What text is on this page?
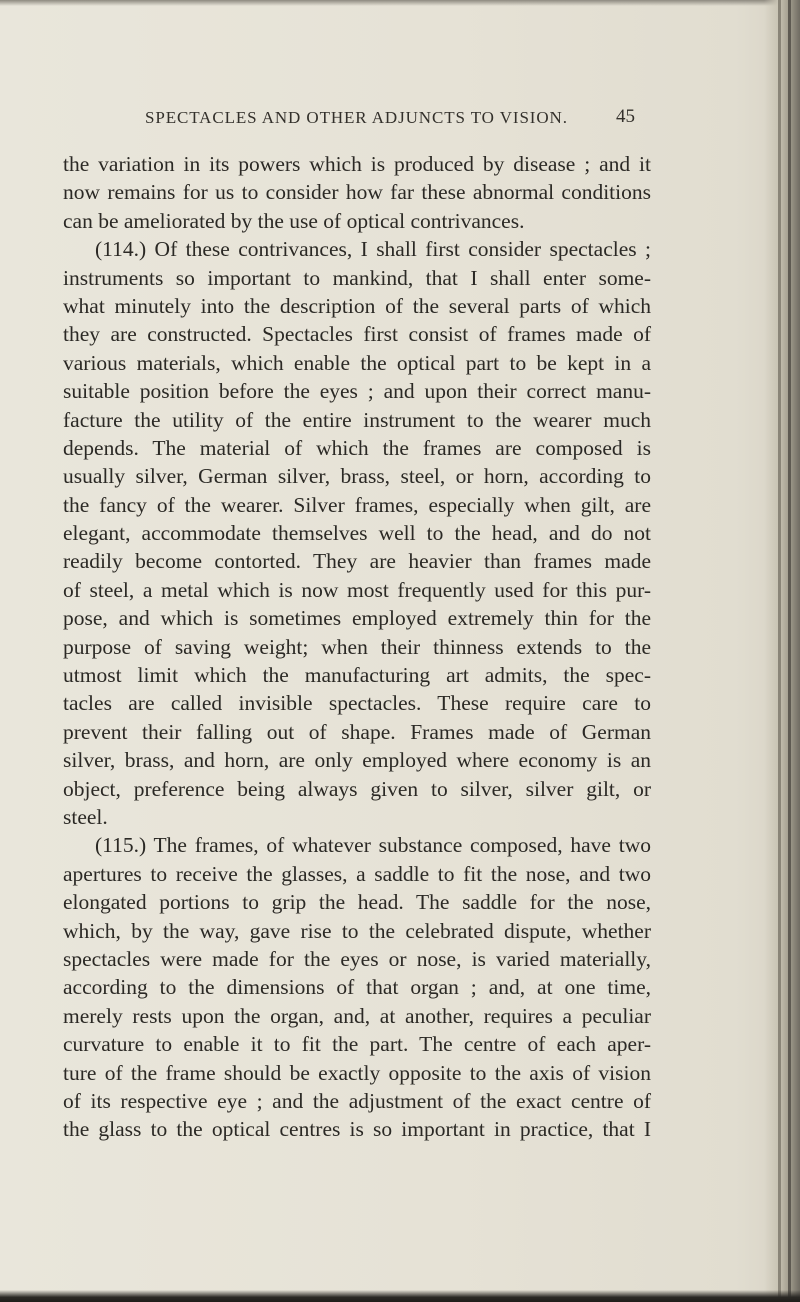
SPECTACLES AND OTHER ADJUNCTS TO VISION.	45
the variation in its powers which is produced by disease ; and it
now remains for us to consider how far these abnormal conditions
can be ameliorated by the use of optical contrivances.
(114.) Of these contrivances, I shall first consider spectacles ;
instruments so important to mankind, that I shall enter some-
what minutely into the description of the several parts of which
they are constructed. Spectacles first consist of frames made of
various materials, which enable the optical part to be kept in a
suitable position before the eyes ; and upon their correct manu-
facture the utility of the entire instrument to the wearer much
depends. The material of which the frames are composed is
usually silver, German silver, brass, steel, or horn, according to
the fancy of the wearer. Silver frames, especially when gilt, are
elegant, accommodate themselves well to the head, and do not
readily become contorted. They are heavier than frames made
of steel, a metal which is now most frequently used for this pur-
pose, and which is sometimes employed extremely thin for the
purpose of saving weight; when their thinness extends to the
utmost limit which the manufacturing art admits, the spec-
tacles are called invisible spectacles. These require care to
prevent their falling out of shape. Frames made of German
silver, brass, and horn, are only employed where economy is an
object, preference being always given to silver, silver gilt, or
steel.
(115.) The frames, of whatever substance composed, have two
apertures to receive the glasses, a saddle to fit the nose, and two
elongated portions to grip the head. The saddle for the nose,
which, by the way, gave rise to the celebrated dispute, whether
spectacles were made for the eyes or nose, is varied materially,
according to the dimensions of that organ ; and, at one time,
merely rests upon the organ, and, at another, requires a peculiar
curvature to enable it to fit the part. The centre of each aper-
ture of the frame should be exactly opposite to the axis of vision
of its respective eye ; and the adjustment of the exact centre of
the glass to the optical centres is so important in practice, that I
